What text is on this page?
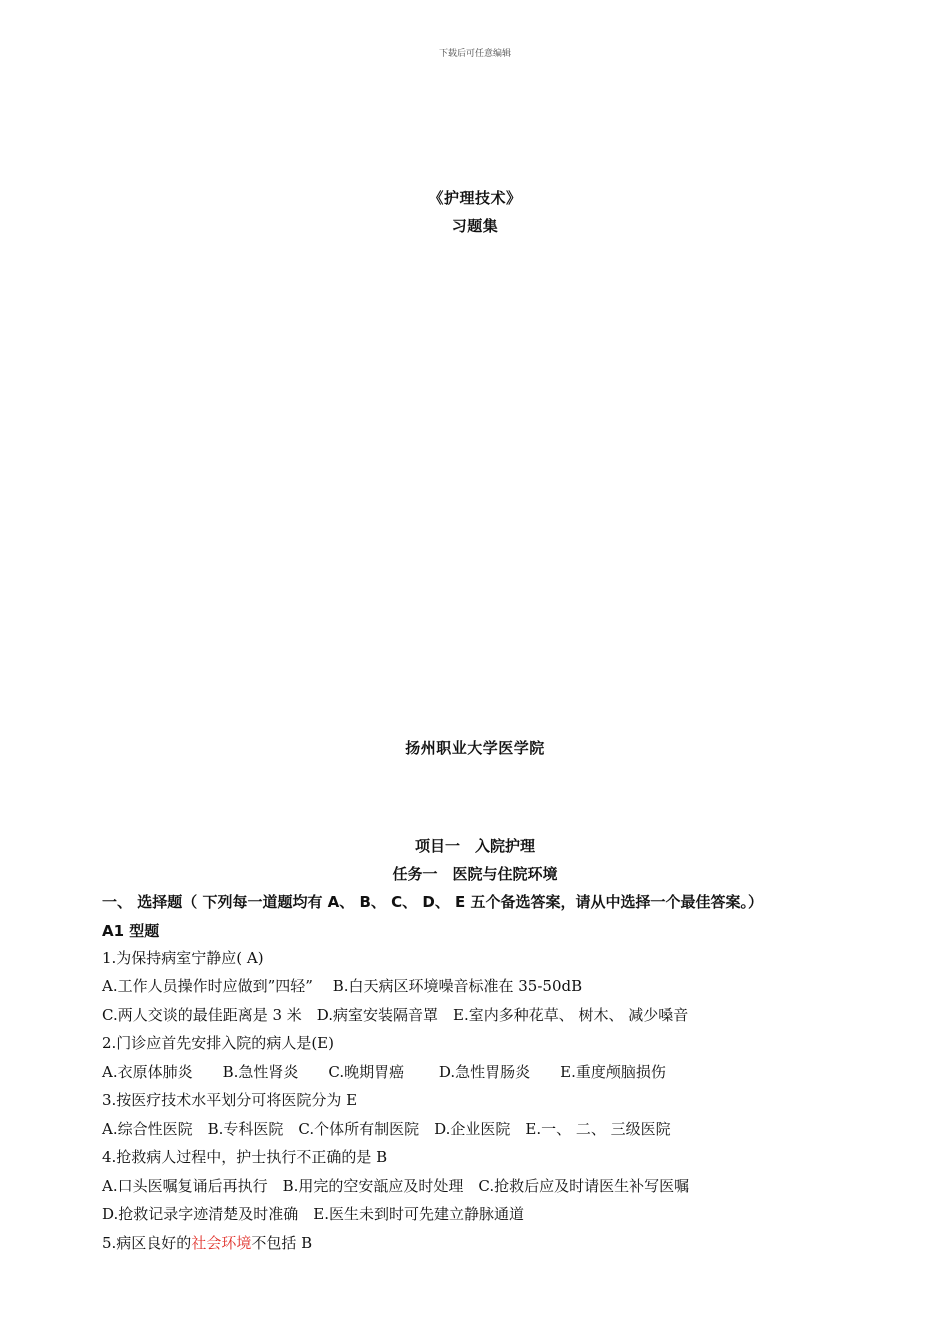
下载后可任意编辑
《护理技术》
习题集
扬州职业大学医学院
项目一　入院护理
任务一　医院与住院环境
一、 选择题（ 下列每一道题均有 A、 B、 C、 D、 E 五个备选答案，请从中选择一个最佳答案。）
A1 型题
1.为保持病室宁静应( A)
A.工作人员操作时应做到”四轻”　 B.白天病区环境噪音标准在 35-50dB
C.两人交谈的最佳距离是 3 米　D.病室安装隔音罩　E.室内多种花草、 树木、 减少嗓音
2.门诊应首先安排入院的病人是(E)
A.衣原体肺炎　　B.急性肾炎　　C.晚期胃癌　　 D.急性胃肠炎　　E.重度颅脑损伤
3.按医疗技术水平划分可将医院分为 E
A.综合性医院　B.专科医院　C.个体所有制医院　D.企业医院　E.一、 二、 三级医院
4.抢救病人过程中，护士执行不正确的是 B
A.口头医嘱复诵后再执行　B.用完的空安瓿应及时处理　C.抢救后应及时请医生补写医嘱
D.抢救记录字迹清楚及时准确　E.医生未到时可先建立静脉通道
5.病区良好的社会环境不包括 B
